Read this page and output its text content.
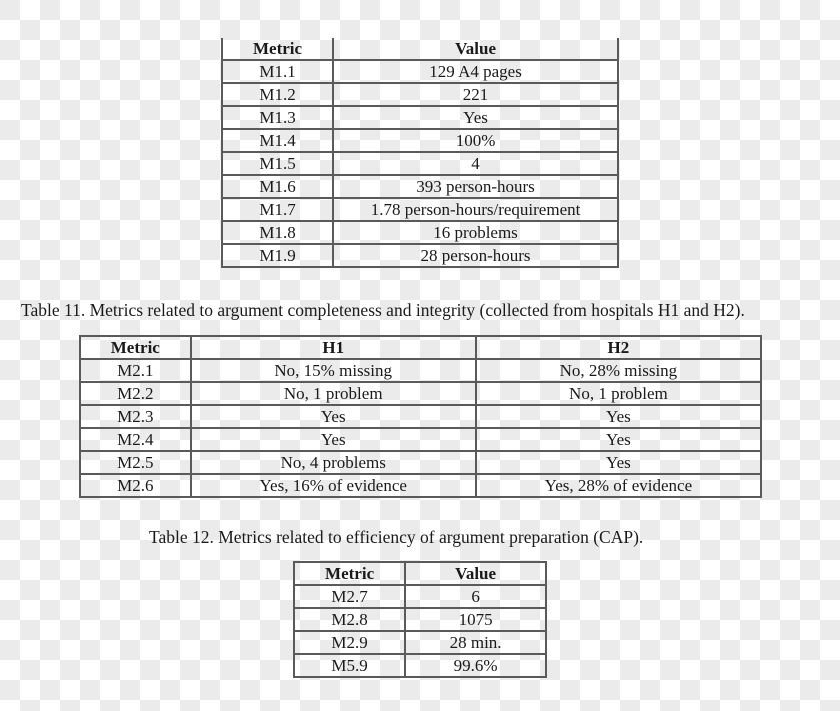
Metric	Value
M1.1	129 A4 pages
M1.2	221
M1.3	Yes
M1.4	100%
M1.5	4
M1.6	393 person-hours
M1.7	1.78 person-hours/requirement
M1.8	16 problems
M1.9	28 person-hours
Table 11. Metrics related to argument completeness and integrity (collected from hospitals H1 and H2).
Metric	H1	H2
M2.1	No, 15% missing	No, 28% missing
M2.2	No, 1 problem	No, 1 problem
M2.3	Yes	Yes
M2.4	Yes	Yes
M2.5	No, 4 problems	Yes
M2.6	Yes, 16% of evidence	Yes, 28% of evidence
Table 12. Metrics related to efficiency of argument preparation (CAP).
Metric	Value
M2.7	6
M2.8	1075
M2.9	28 min.
M5.9	99.6%
